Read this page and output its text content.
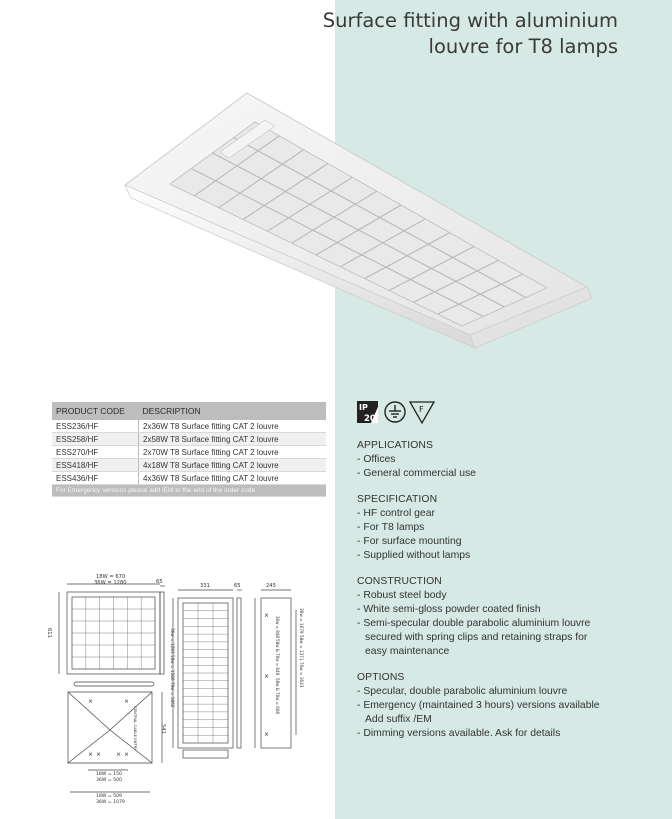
Surface fitting with aluminium
louvre for T8 lamps
PRODUCT CODE	DESCRIPTION
ESS236/HF	2x36W T8 Surface fitting CAT 2 louvre
ESS258/HF	2x58W T8 Surface fitting CAT 2 louvre
ESS270/HF	2x70W T8 Surface fitting CAT 2 louvre
ESS418/HF	4x18W T8 Surface fitting CAT 2 louvre
ESS436/HF	4x36W T8 Surface fitting CAT 2 louvre
For Emergency versions please add /EM to the end of the order code	
⨯	⨯
⨯	⨯
⨯ ⨯
⨯
⨯
⨯
18W = 670
36W = 1280	65
611
541
331	65	245
36w = 1283 58w = 1580 70w = 1862	36w = 1079 58w = 1371 70w = 1643
36w = 848 58w & 70w = 649
58w & 70w = 608
18W = 150
36W = 500
18W = 509
36W = 1079
CENTRAL CABLE ENTRY
IP
20
F
APPLICATIONS
- Offices
- General commercial use
SPECIFICATION
- HF control gear
- For T8 lamps
- For surface mounting
- Supplied without lamps
CONSTRUCTION
- Robust steel body
- White semi-gloss powder coated finish
- Semi-specular double parabolic aluminium louvre
secured with spring clips and retaining straps for
easy maintenance
OPTIONS
- Specular, double parabolic aluminium louvre
- Emergency (maintained 3 hours) versions available
Add suffix /EM
- Dimming versions available. Ask for details
